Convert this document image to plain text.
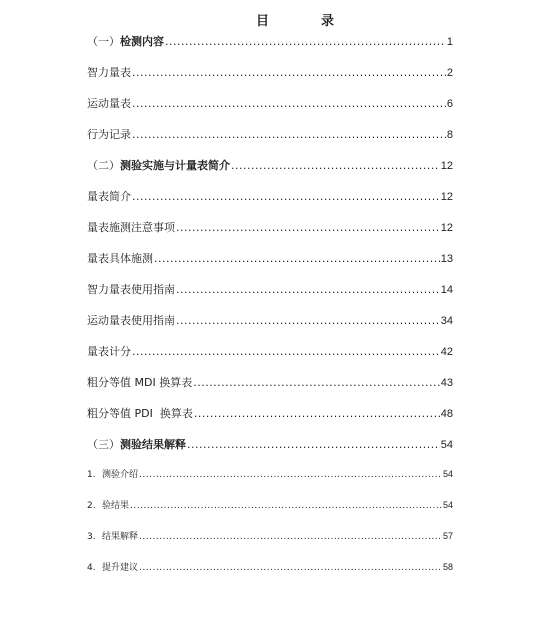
目	录
（一）检测内容 .....	1
智力量表 .....	2
运动量表 .....	6
行为记录 .....	8
（二）测验实施与计量表简介 .....	12
量表简介 .....	12
量表施测注意事项 .....	12
量表具体施测 .....	13
智力量表使用指南 .....	14
运动量表使用指南 .....	34
量表计分 .....	42
粗分等值 MDI 换算表 .....	43
粗分等值 PDI  换算表 .....	48
（三）测验结果解释 .....	54
1. 测验介绍 .....	54
2. 验结果 .....	54
3. 结果解释 .....	57
4. 提升建议 .....	58
